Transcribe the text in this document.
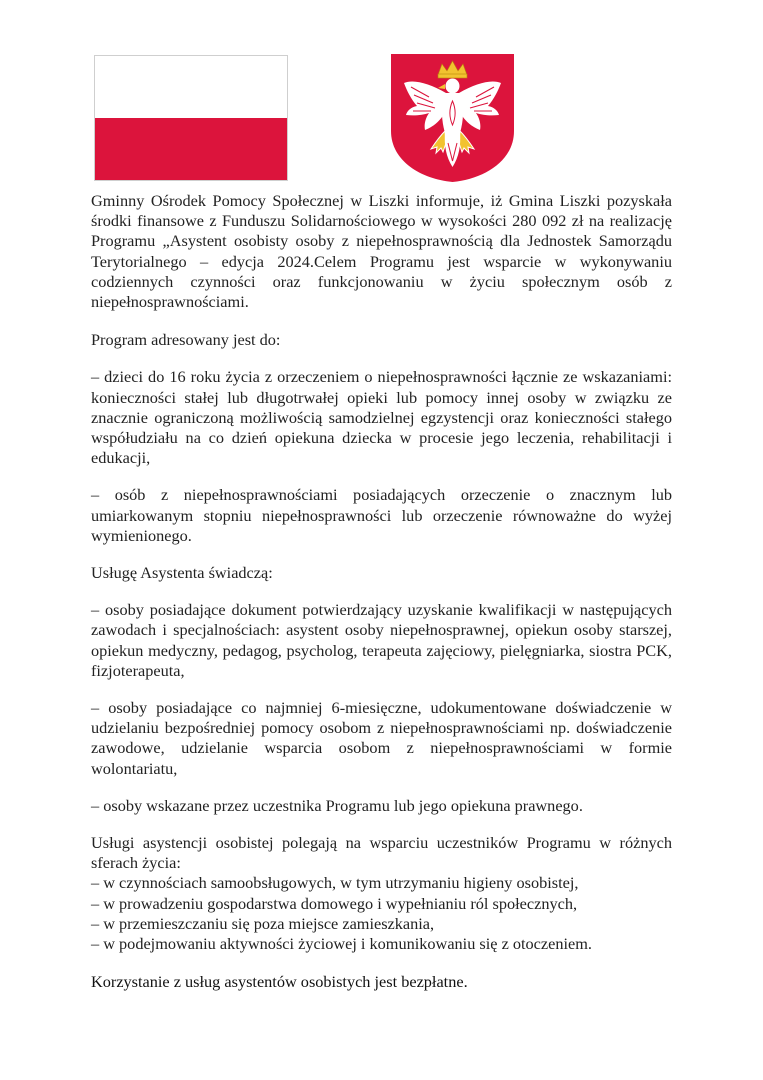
Gminny Ośrodek Pomocy Społecznej w Liszki informuje, iż Gmina Liszki pozyskała środki finansowe z Funduszu Solidarnościowego w wysokości 280 092 zł na realizację Programu „Asystent osobisty osoby z niepełnosprawnością dla Jednostek Samorządu Terytorialnego – edycja 2024.Celem Programu jest wsparcie w wykonywaniu codziennych czynności oraz funkcjonowaniu w życiu społecznym osób z niepełnosprawnościami.

Program adresowany jest do:

– dzieci do 16 roku życia z orzeczeniem o niepełnosprawności łącznie ze wskazaniami: konieczności stałej lub długotrwałej opieki lub pomocy innej osoby w związku ze znacznie ograniczoną możliwością samodzielnej egzystencji oraz konieczności stałego współudziału na co dzień opiekuna dziecka w procesie jego leczenia, rehabilitacji i edukacji,

– osób z niepełnosprawnościami posiadających orzeczenie o znacznym lub umiarkowanym stopniu niepełnosprawności lub orzeczenie równoważne do wyżej wymienionego.

Usługę Asystenta świadczą:

– osoby posiadające dokument potwierdzający uzyskanie kwalifikacji w następujących zawodach i specjalnościach: asystent osoby niepełnosprawnej, opiekun osoby starszej, opiekun medyczny, pedagog, psycholog, terapeuta zajęciowy, pielęgniarka, siostra PCK, fizjoterapeuta,

– osoby posiadające co najmniej 6-miesięczne, udokumentowane doświadczenie w udzielaniu bezpośredniej pomocy osobom z niepełnosprawnościami np. doświadczenie zawodowe, udzielanie wsparcia osobom z niepełnosprawnościami w formie wolontariatu,

– osoby wskazane przez uczestnika Programu lub jego opiekuna prawnego.

Usługi asystencji osobistej polegają na wsparciu uczestników Programu w różnych sferach życia:
– w czynnościach samoobsługowych, w tym utrzymaniu higieny osobistej,
– w prowadzeniu gospodarstwa domowego i wypełnianiu ról społecznych,
– w przemieszczaniu się poza miejsce zamieszkania,
– w podejmowaniu aktywności życiowej i komunikowaniu się z otoczeniem.

Korzystanie z usług asystentów osobistych jest bezpłatne.
